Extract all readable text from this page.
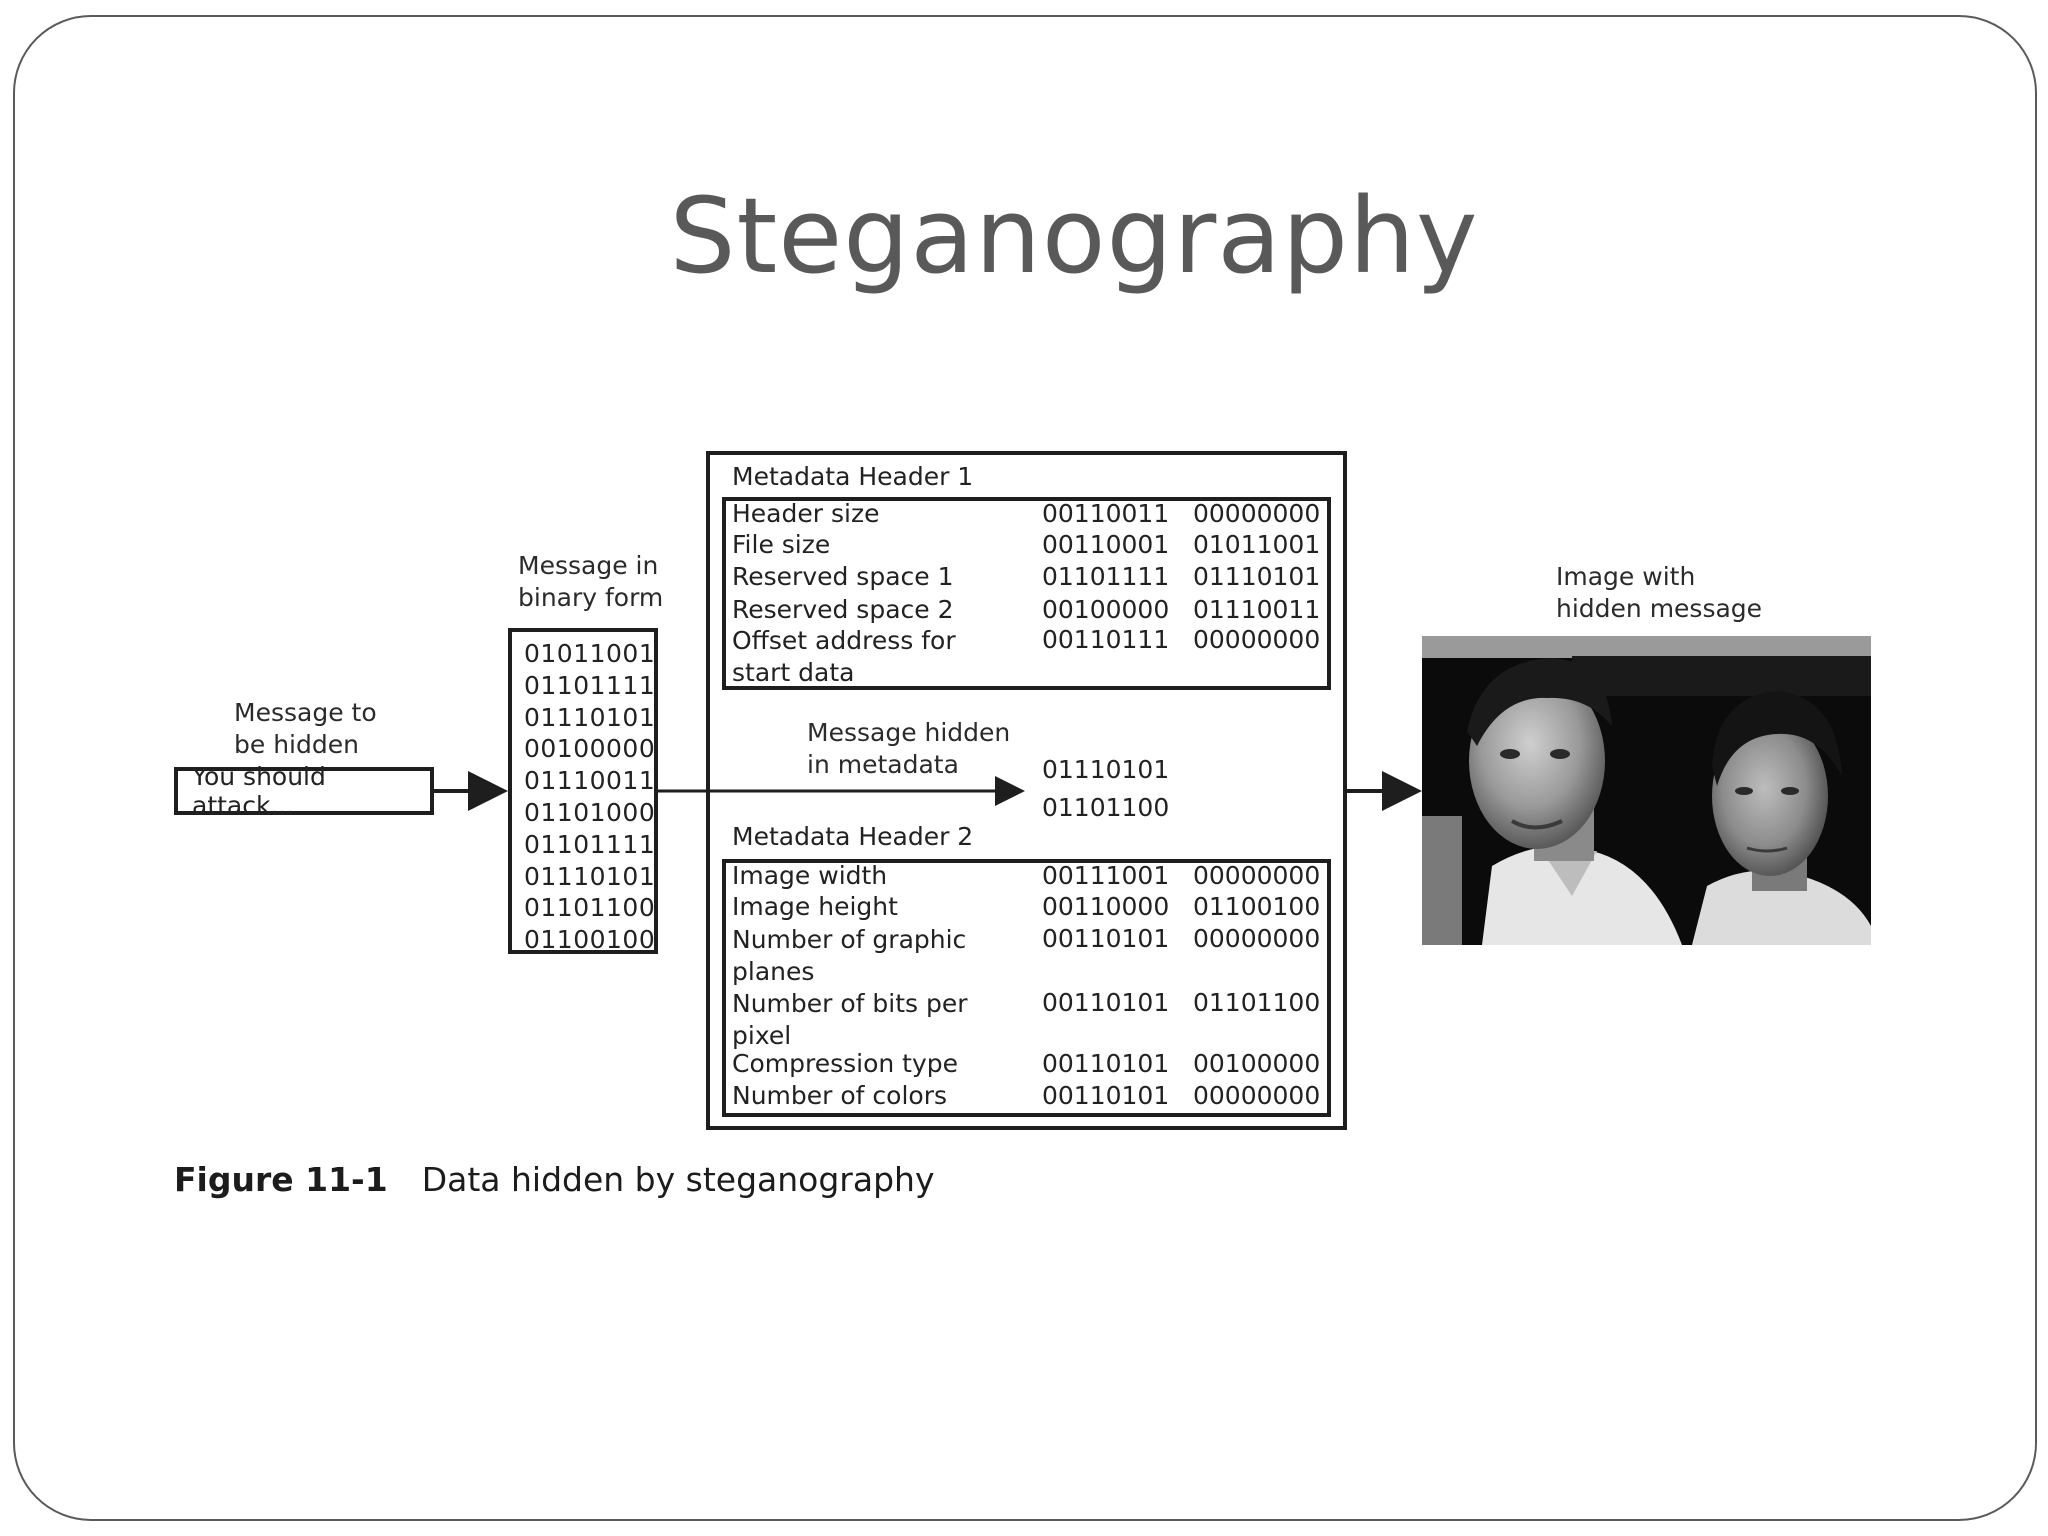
Steganography
Message to
be hidden
You should attack...
Message in
binary form
01011001
01101111
01110101
00100000
01110011
01101000
01101111
01110101
01101100
01100100
Metadata Header 1
Header size	00110011 00000000
File size	00110001 01011001
Reserved space 1	01101111 01110101
Reserved space 2	00100000 01110011
Offset address for
start data
00110111 00000000
Message hidden
in metadata	01110101
01101100
Metadata Header 2
Image width	00111001 00000000
Image height	00110000 01100100
Number of graphic
planes
00110101 00000000
Number of bits per
pixel
00110101 01101100
Compression type	00110101 00100000
Number of colors	00110101 00000000
Image with
hidden message
Figure 11-1 Data hidden by steganography
